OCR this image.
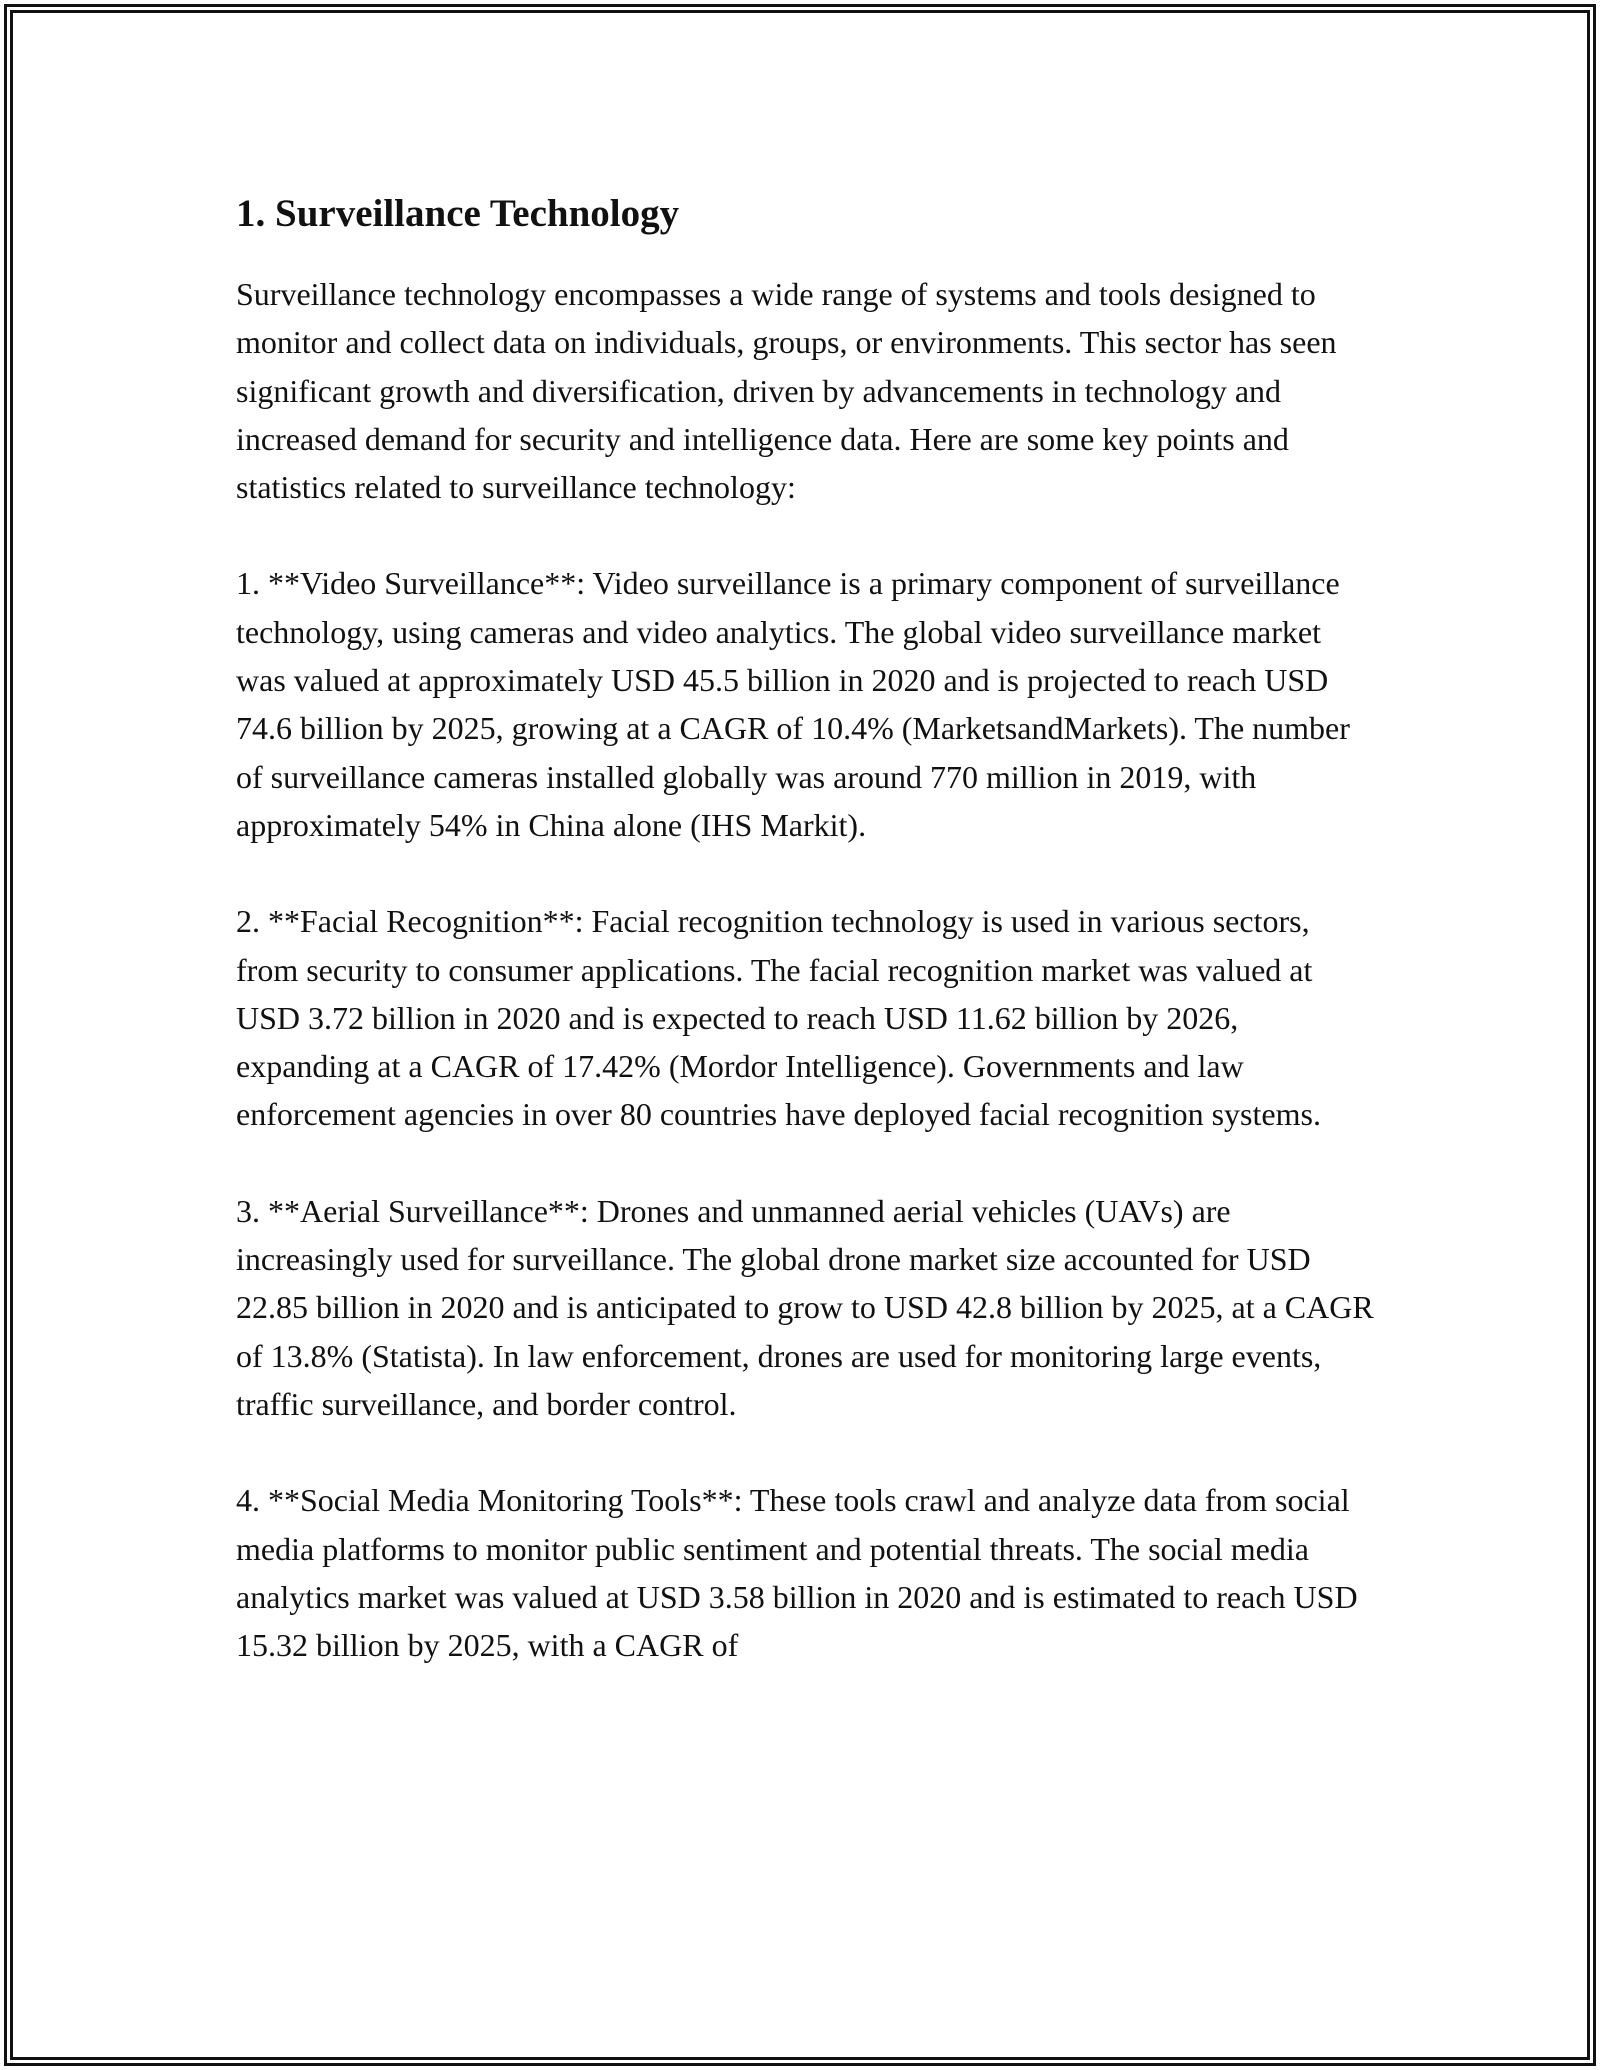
1. Surveillance Technology

Surveillance technology encompasses a wide range of systems and tools designed to monitor and collect data on individuals, groups, or environments. This sector has seen significant growth and diversification, driven by advancements in technology and increased demand for security and intelligence data. Here are some key points and statistics related to surveillance technology:

1. **Video Surveillance**: Video surveillance is a primary component of surveillance technology, using cameras and video analytics. The global video surveillance market was valued at approximately USD 45.5 billion in 2020 and is projected to reach USD 74.6 billion by 2025, growing at a CAGR of 10.4% (MarketsandMarkets). The number of surveillance cameras installed globally was around 770 million in 2019, with approximately 54% in China alone (IHS Markit).

2. **Facial Recognition**: Facial recognition technology is used in various sectors, from security to consumer applications. The facial recognition market was valued at USD 3.72 billion in 2020 and is expected to reach USD 11.62 billion by 2026, expanding at a CAGR of 17.42% (Mordor Intelligence). Governments and law enforcement agencies in over 80 countries have deployed facial recognition systems.

3. **Aerial Surveillance**: Drones and unmanned aerial vehicles (UAVs) are increasingly used for surveillance. The global drone market size accounted for USD 22.85 billion in 2020 and is anticipated to grow to USD 42.8 billion by 2025, at a CAGR of 13.8% (Statista). In law enforcement, drones are used for monitoring large events, traffic surveillance, and border control.

4. **Social Media Monitoring Tools**: These tools crawl and analyze data from social media platforms to monitor public sentiment and potential threats. The social media analytics market was valued at USD 3.58 billion in 2020 and is estimated to reach USD 15.32 billion by 2025, with a CAGR of
